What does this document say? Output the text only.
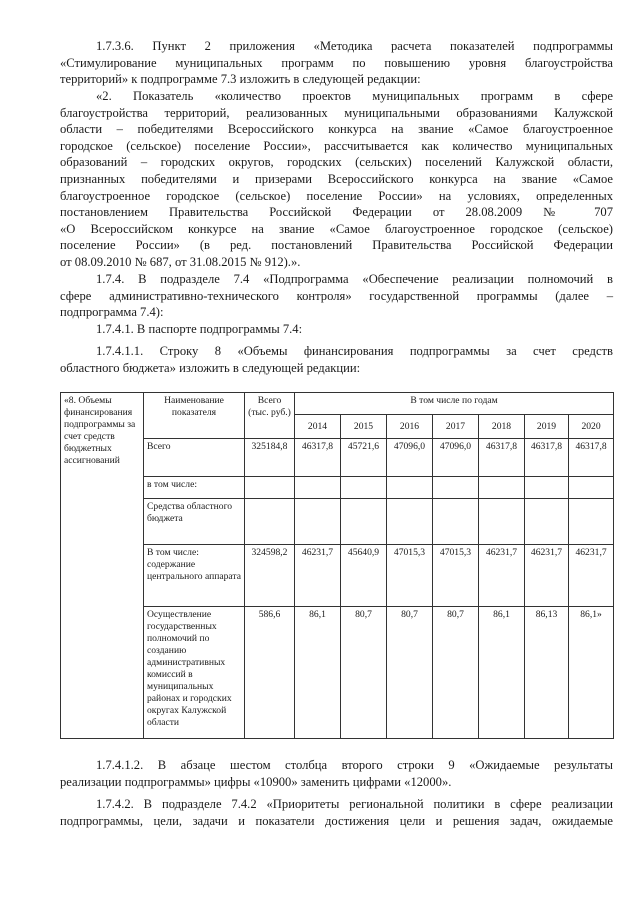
1.7.3.6. Пункт 2 приложения «Методика расчета показателей подпрограммы
«Стимулирование муниципальных программ по повышению уровня благоустройства
территорий» к подпрограмме 7.3 изложить в следующей редакции:

«2. Показатель «количество проектов муниципальных программ в сфере
благоустройства территорий, реализованных муниципальными образованиями Калужской
области – победителями Всероссийского конкурса на звание «Самое благоустроенное
городское (сельское) поселение России», рассчитывается как количество муниципальных
образований – городских округов, городских (сельских) поселений Калужской области,
признанных победителями и призерами Всероссийского конкурса на звание «Самое
благоустроенное городское (сельское) поселение России» на условиях, определенных
постановлением Правительства Российской Федерации от 28.08.2009 № 707
«О Всероссийском конкурсе на звание «Самое благоустроенное городское (сельское)
поселение России» (в ред. постановлений Правительства Российской Федерации
от 08.09.2010 № 687, от 31.08.2015 № 912).».

1.7.4. В подразделе 7.4 «Подпрограмма «Обеспечение реализации полномочий в
сфере административно-технического контроля» государственной программы (далее –
подпрограмма 7.4):

1.7.4.1. В паспорте подпрограммы 7.4:

1.7.4.1.1. Строку 8 «Объемы финансирования подпрограммы за счет средств
областного бюджета» изложить в следующей редакции:

«8. Объемы финансирования подпрограммы за счет средств бюджетных ассигнований	Наименование показателя	Всего (тыс. руб.)	В том числе по годам						
			2014	2015	2016	2017	2018	2019	2020
	Всего	325184,8	46317,8	45721,6	47096,0	47096,0	46317,8	46317,8	46317,8
	в том числе:								
	Средства областного бюджета								
	В том числе: содержание центрального аппарата	324598,2	46231,7	45640,9	47015,3	47015,3	46231,7	46231,7	46231,7
	Осуществление государственных полномочий по созданию административных комиссий в муниципальных районах и городских округах Калужской области	586,6	86,1	80,7	80,7	80,7	86,1	86,13	86,1»

1.7.4.1.2. В абзаце шестом столбца второго строки 9 «Ожидаемые результаты
реализации подпрограммы» цифры «10900» заменить цифрами «12000».

1.7.4.2. В подразделе 7.4.2 «Приоритеты региональной политики в сфере реализации
подпрограммы, цели, задачи и показатели достижения цели и решения задач, ожидаемые
